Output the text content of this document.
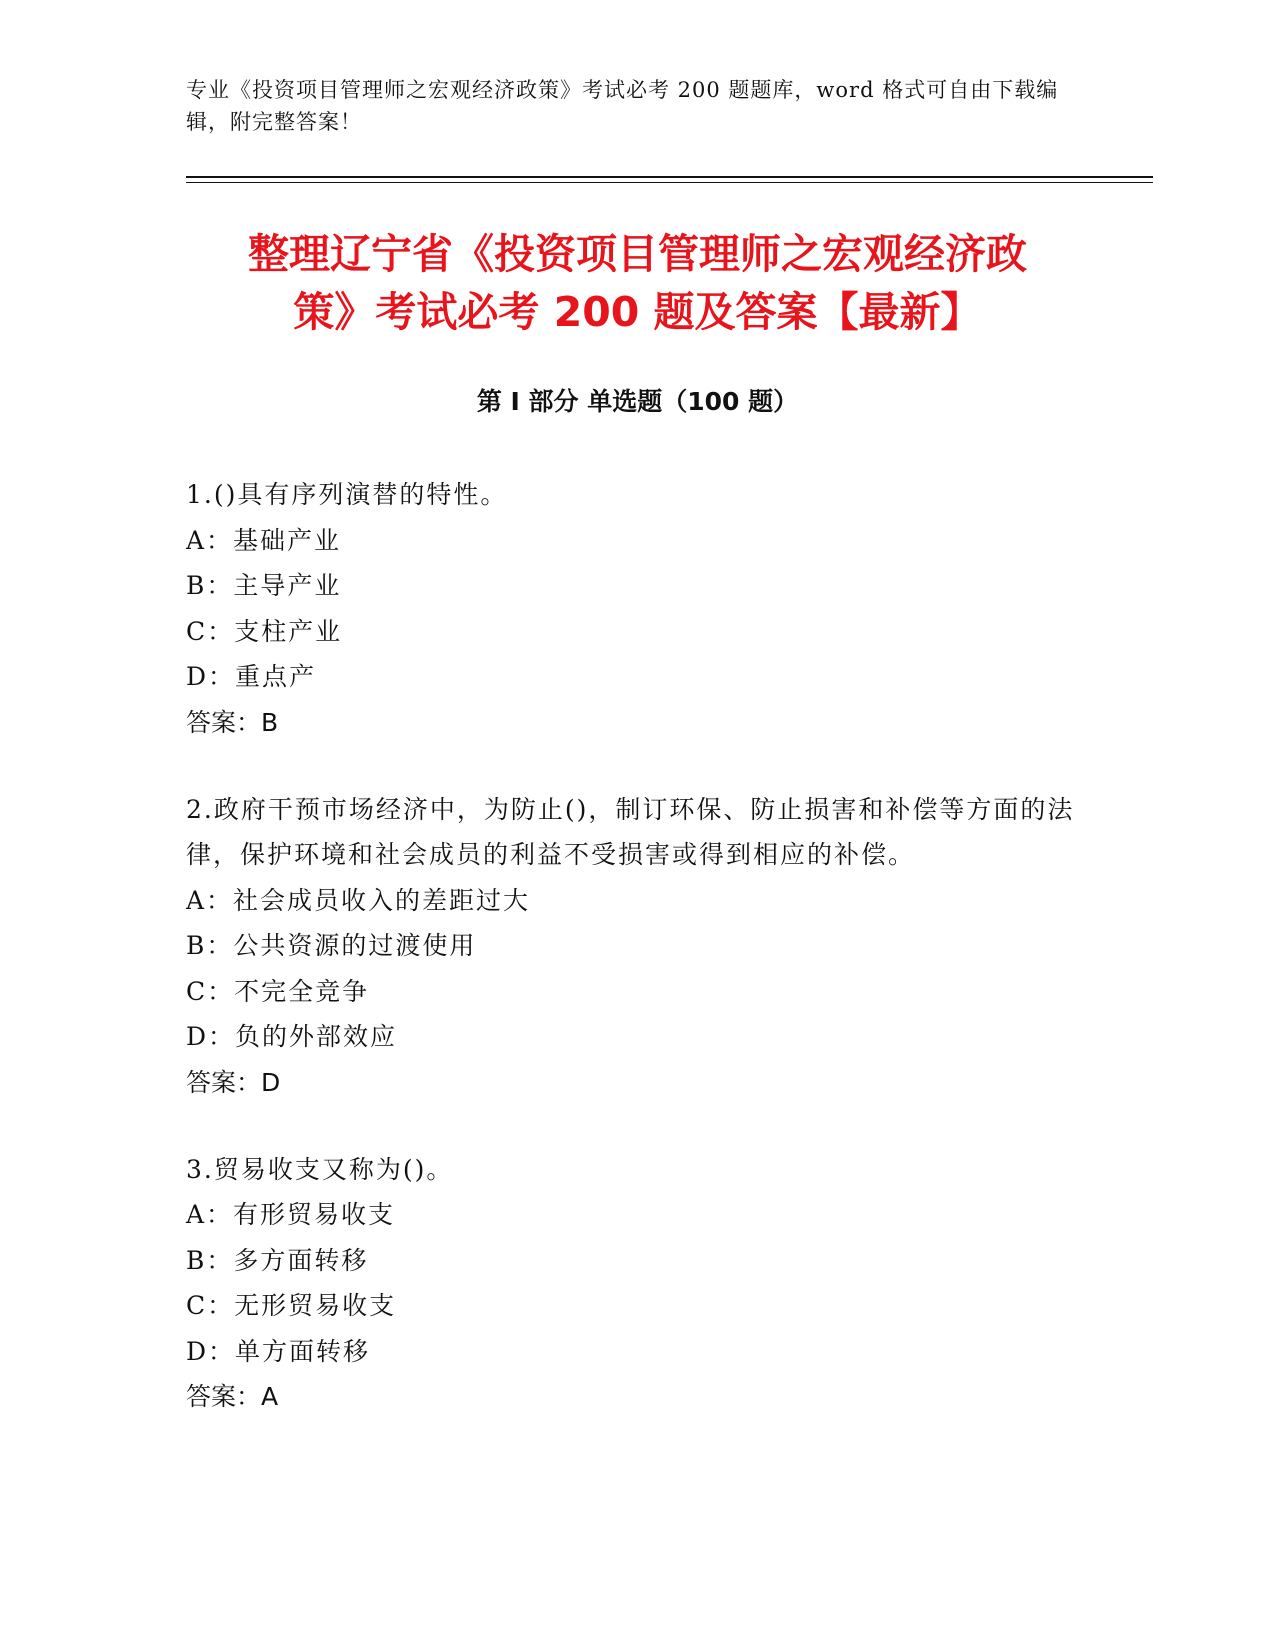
专业《投资项目管理师之宏观经济政策》考试必考 200 题题库，word 格式可自由下载编辑，附完整答案！
整理辽宁省《投资项目管理师之宏观经济政
策》考试必考 200 题及答案【最新】
第 I 部分 单选题（100 题）

1.()具有序列演替的特性。

A：基础产业

B：主导产业

C：支柱产业

D：重点产

答案：B

2.政府干预市场经济中，为防止()，制订环保、防止损害和补偿等方面的法律，保护环境和社会成员的利益不受损害或得到相应的补偿。

A：社会成员收入的差距过大

B：公共资源的过渡使用

C：不完全竞争

D：负的外部效应

答案：D

3.贸易收支又称为()。

A：有形贸易收支

B：多方面转移

C：无形贸易收支

D：单方面转移

答案：A
